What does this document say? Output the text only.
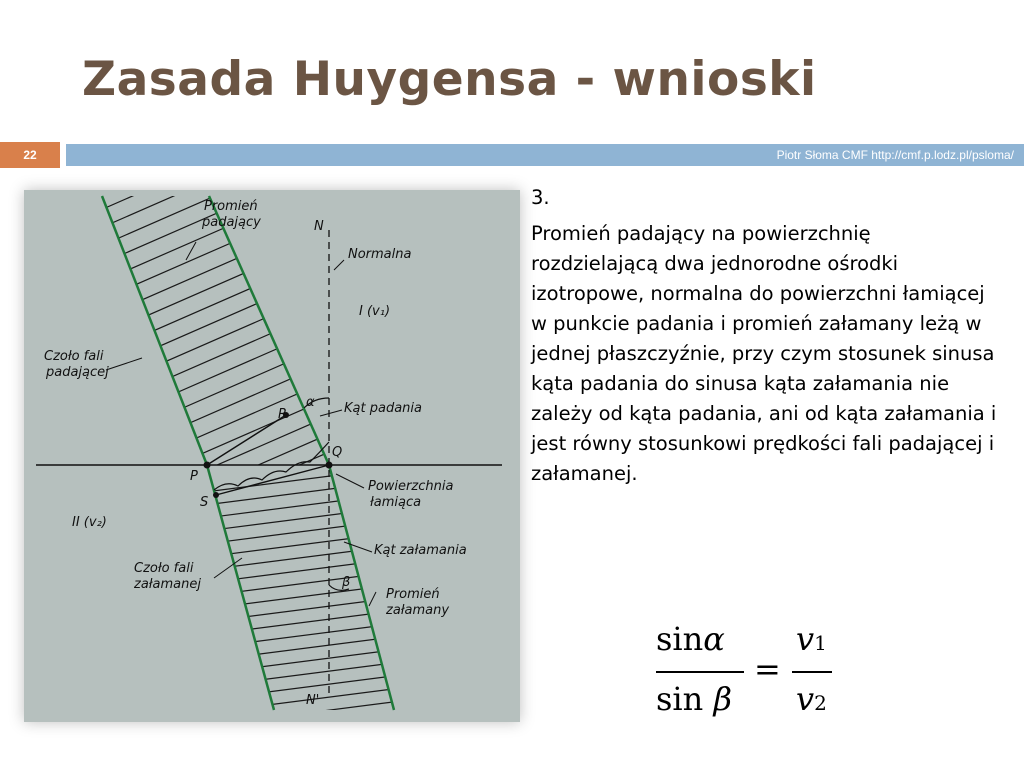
Zasada Huygensa - wnioski
22	Piotr Słoma CMF http://cmf.p.lodz.pl/psloma/
Promień
padający	N
Normalna
I (v₁)
Czoło fali
padającej
α Kąt padania
R
Q
P
S
Powierzchnia
łamiąca
II (v₂)
Kąt załamania
Czoło fali
załamanej	β
Promień
załamany
N'

3.

Promień padający na powierzchnię rozdzielającą dwa jednorodne ośrodki izotropowe, normalna do powierzchni łamiącej w punkcie padania i promień załamany leżą w jednej płaszczyźnie, przy czym stosunek sinusa kąta padania do sinusa kąta załamania nie zależy od kąta padania, ani od kąta załamania i jest równy stosunkowi prędkości fali padającej i załamanej.

sinα
sin β
=
v1
v2
